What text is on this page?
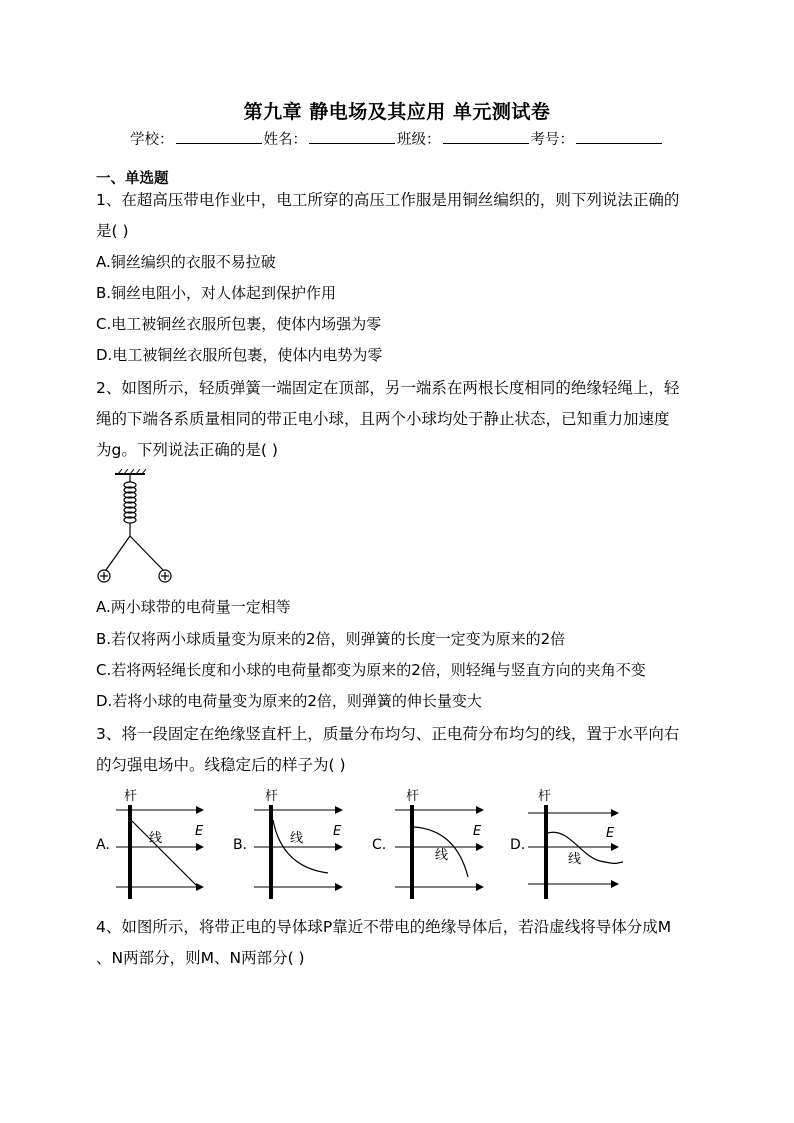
第九章 静电场及其应用 单元测试卷
学校：	姓名：	班级：	考号：
一、单选题
1、在超高压带电作业中，电工所穿的高压工作服是用铜丝编织的，则下列说法正确的
是( )
A.铜丝编织的衣服不易拉破
B.铜丝电阻小，对人体起到保护作用
C.电工被铜丝衣服所包裹，使体内场强为零
D.电工被铜丝衣服所包裹，使体内电势为零
2、如图所示，轻质弹簧一端固定在顶部，另一端系在两根长度相同的绝缘轻绳上，轻
绳的下端各系质量相同的带正电小球，且两个小球均处于静止状态，已知重力加速度
为g。下列说法正确的是( )
A.两小球带的电荷量一定相等
B.若仅将两小球质量变为原来的2倍，则弹簧的长度一定变为原来的2倍
C.若将两轻绳长度和小球的电荷量都变为原来的2倍，则轻绳与竖直方向的夹角不变
D.若将小球的电荷量变为原来的2倍，则弹簧的伸长量变大
3、将一段固定在绝缘竖直杆上，质量分布均匀、正电荷分布均匀的线，置于水平向右
的匀强电场中。线稳定后的样子为( )
A.
杆
线	E
B.
杆
线 E
C.
杆
线
E
D.
杆
线
E
4、如图所示，将带正电的导体球P靠近不带电的绝缘导体后，若沿虚线将导体分成M
、N两部分，则M、N两部分( )
